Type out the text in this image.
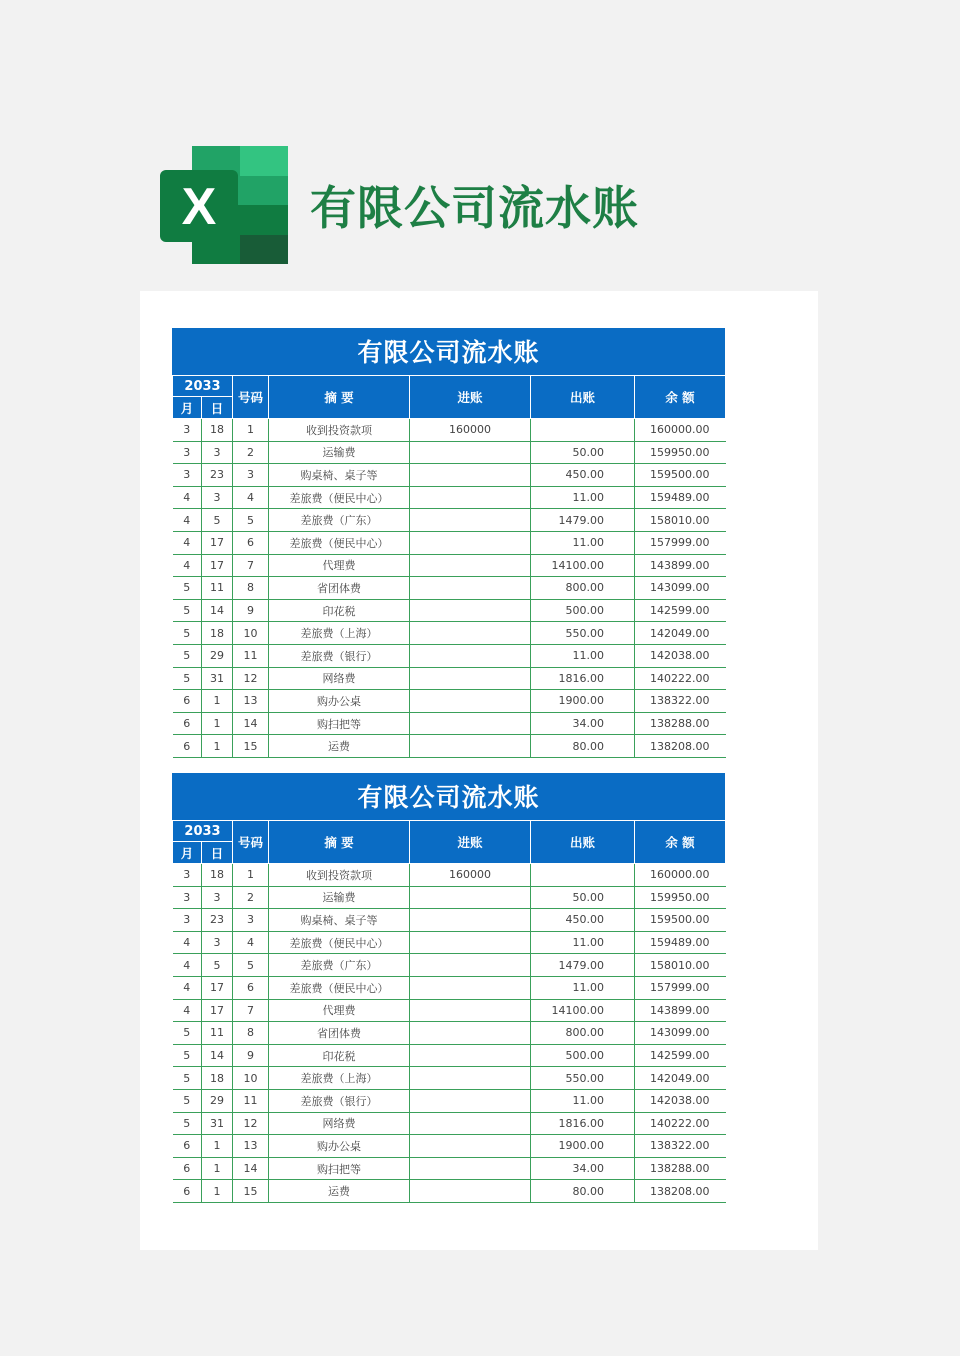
X 有限公司流水账
有限公司流水账
2033		号码	摘 要	进账	出账	余 额
月	日					
3	18	1	收到投资款项	160000		160000.00
3	3	2	运输费		50.00	159950.00
3	23	3	购桌椅、桌子等		450.00	159500.00
4	3	4	差旅费（便民中心）		11.00	159489.00
4	5	5	差旅费（广东）		1479.00	158010.00
4	17	6	差旅费（便民中心）		11.00	157999.00
4	17	7	代理费		14100.00	143899.00
5	11	8	省团体费		800.00	143099.00
5	14	9	印花税		500.00	142599.00
5	18	10	差旅费（上海）		550.00	142049.00
5	29	11	差旅费（银行）		11.00	142038.00
5	31	12	网络费		1816.00	140222.00
6	1	13	购办公桌		1900.00	138322.00
6	1	14	购扫把等		34.00	138288.00
6	1	15	运费		80.00	138208.00
有限公司流水账
2033		号码	摘 要	进账	出账	余 额
月	日					
3	18	1	收到投资款项	160000		160000.00
3	3	2	运输费		50.00	159950.00
3	23	3	购桌椅、桌子等		450.00	159500.00
4	3	4	差旅费（便民中心）		11.00	159489.00
4	5	5	差旅费（广东）		1479.00	158010.00
4	17	6	差旅费（便民中心）		11.00	157999.00
4	17	7	代理费		14100.00	143899.00
5	11	8	省团体费		800.00	143099.00
5	14	9	印花税		500.00	142599.00
5	18	10	差旅费（上海）		550.00	142049.00
5	29	11	差旅费（银行）		11.00	142038.00
5	31	12	网络费		1816.00	140222.00
6	1	13	购办公桌		1900.00	138322.00
6	1	14	购扫把等		34.00	138288.00
6	1	15	运费		80.00	138208.00
